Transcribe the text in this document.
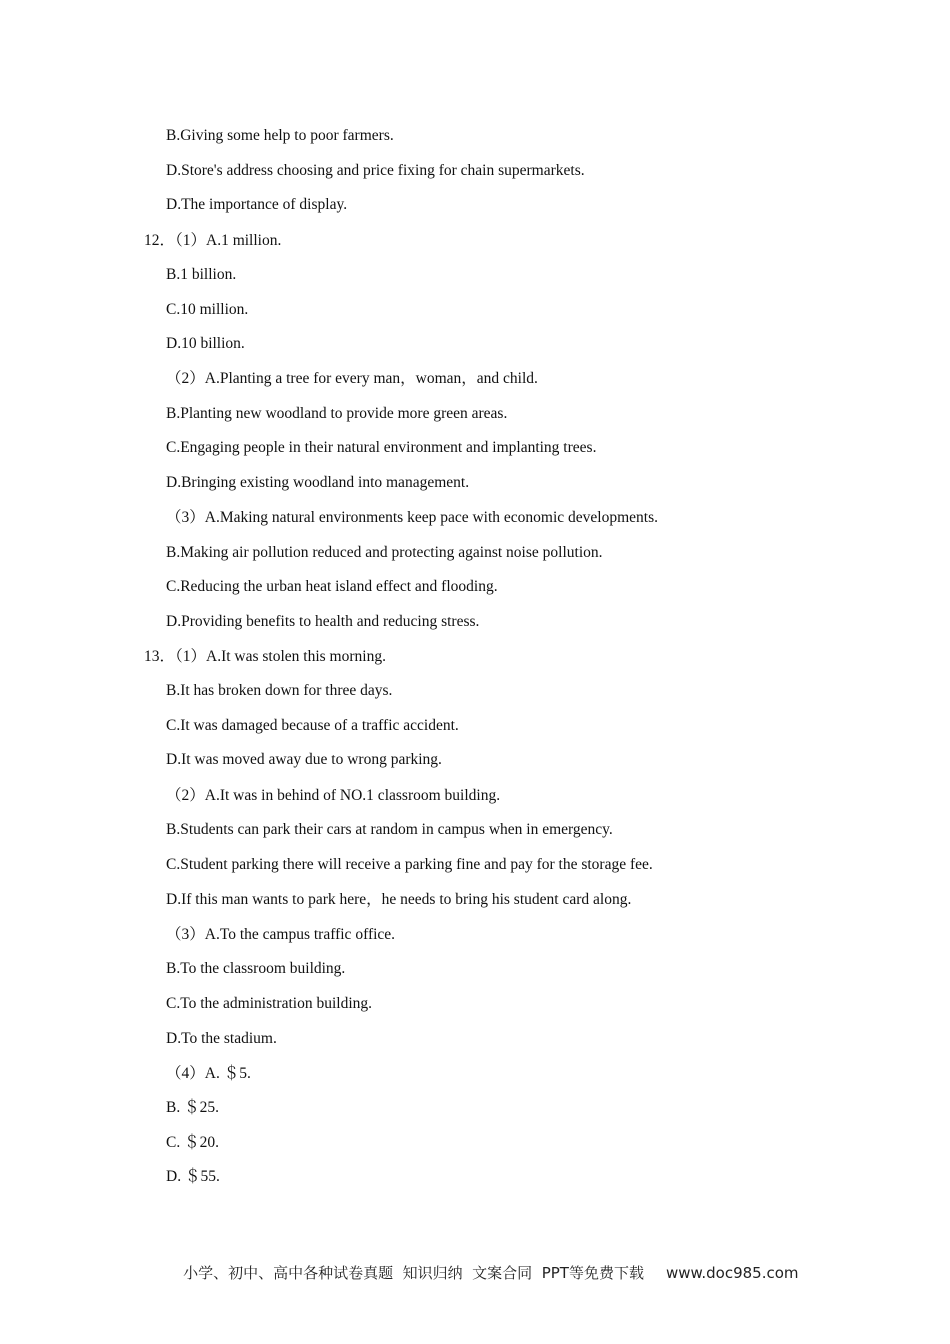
B.Giving some help to poor farmers.
D.Store's address choosing and price fixing for chain supermarkets.
D.The importance of display.
12．（1）A.1 million.
B.1 billion.
C.10 million.
D.10 billion.
（2）A.Planting a tree for every man，woman，and child.
B.Planting new woodland to provide more green areas.
C.Engaging people in their natural environment and implanting trees.
D.Bringing existing woodland into management.
（3）A.Making natural environments keep pace with economic developments.
B.Making air pollution reduced and protecting against noise pollution.
C.Reducing the urban heat island effect and flooding.
D.Providing benefits to health and reducing stress.
13．（1）A.It was stolen this morning.
B.It has broken down for three days.
C.It was damaged because of a traffic accident.
D.It was moved away due to wrong parking.
（2）A.It was in behind of NO.1 classroom building.
B.Students can park their cars at random in campus when in emergency.
C.Student parking there will receive a parking fine and pay for the storage fee.
D.If this man wants to park here，he needs to bring his student card along.
（3）A.To the campus traffic office.
B.To the classroom building.
C.To the administration building.
D.To the stadium.
（4）A. ＄5.
B. ＄25.
C. ＄20.
D. ＄55.

小学、初中、高中各种试卷真题  知识归纳  文案合同  PPT等免费下载 www.doc985.com
